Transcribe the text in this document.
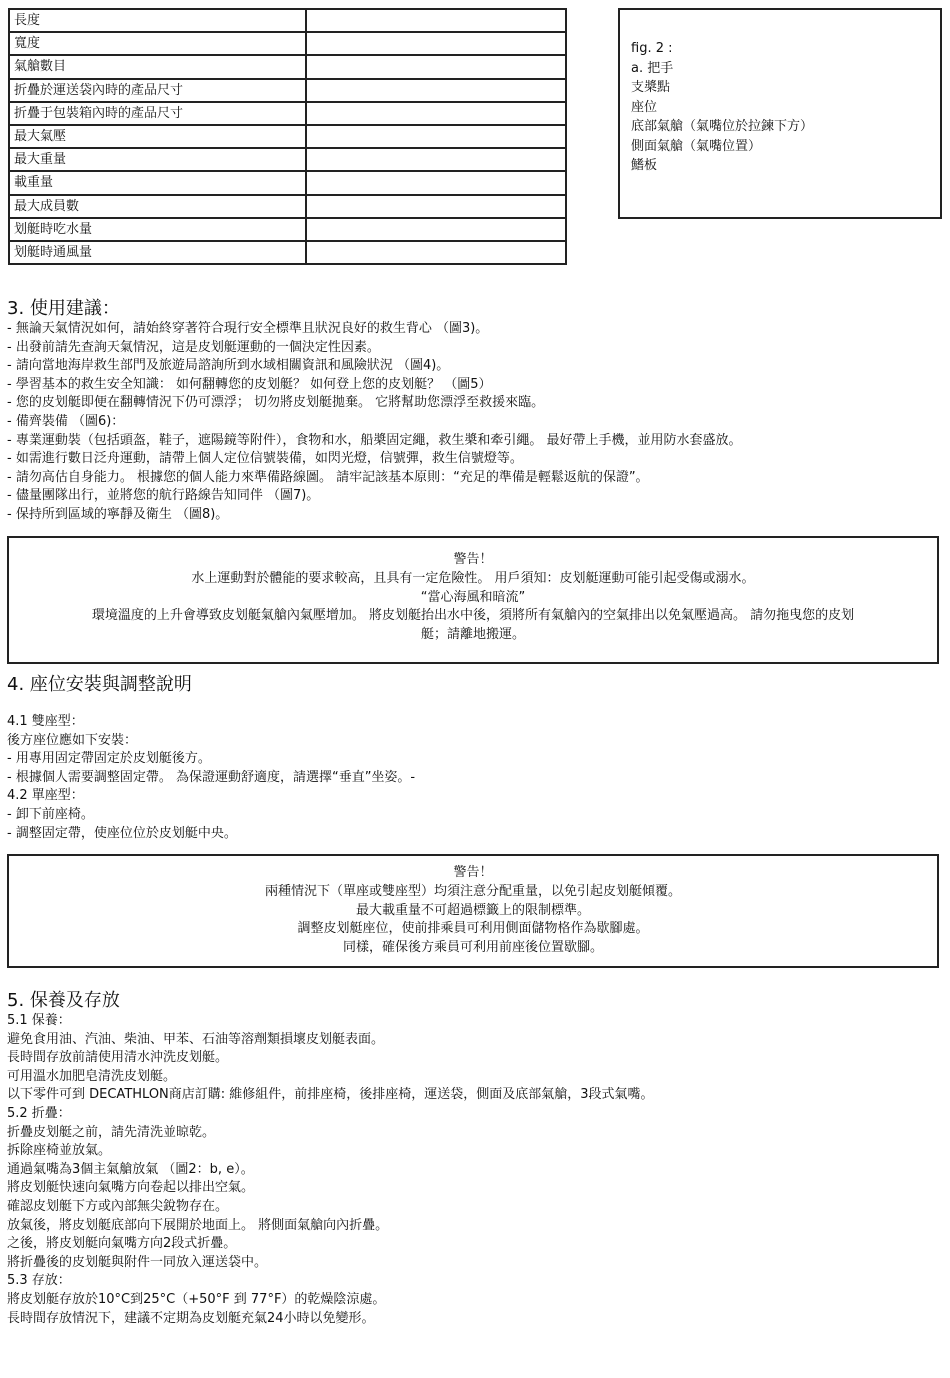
長度	
寬度	
氣艙數目	
折疊於運送袋內時的產品尺寸	
折疊于包裝箱內時的產品尺寸	
最大氣壓	
最大重量	
載重量	
最大成員數	
划艇時吃水量	
划艇時通風量	
fig. 2 :
a. 把手
支槳點
座位
底部氣艙（氣嘴位於拉鍊下方）
側面氣艙（氣嘴位置）
鰭板
3. 使用建議：
- 無論天氣情況如何，請始終穿著符合現行安全標準且狀況良好的救生背心 （圖3)。
- 出發前請先查詢天氣情況，這是皮划艇運動的一個決定性因素。
- 請向當地海岸救生部門及旅遊局諮詢所到水域相關資訊和風險狀況 （圖4)。
- 學習基本的救生安全知識： 如何翻轉您的皮划艇？ 如何登上您的皮划艇？ （圖5）
- 您的皮划艇即便在翻轉情況下仍可漂浮； 切勿將皮划艇拋棄。 它將幫助您漂浮至救援來臨。
- 備齊裝備 （圖6)：
- 專業運動裝（包括頭盔，鞋子，遮陽鏡等附件），食物和水，船槳固定繩，救生槳和牽引繩。 最好帶上手機，並用防水套盛放。
- 如需進行數日泛舟運動，請帶上個人定位信號裝備，如閃光燈，信號彈，救生信號燈等。
- 請勿高估自身能力。 根據您的個人能力來準備路線圖。 請牢記該基本原則：“充足的準備是輕鬆返航的保證”。
- 儘量團隊出行，並將您的航行路線告知同伴 （圖7)。
- 保持所到區域的寧靜及衛生 （圖8)。
警告！
水上運動對於體能的要求較高，且具有一定危險性。 用戶須知：皮划艇運動可能引起受傷或溺水。
“當心海風和暗流”
環境溫度的上升會導致皮划艇氣艙內氣壓增加。 將皮划艇抬出水中後，須將所有氣艙內的空氣排出以免氣壓過高。 請勿拖曳您的皮划
艇；請離地搬運。
4. 座位安裝與調整說明
4.1 雙座型：
後方座位應如下安裝：
- 用專用固定帶固定於皮划艇後方。
- 根據個人需要調整固定帶。 為保證運動舒適度，請選擇“垂直”坐姿。-
4.2 單座型：
- 卸下前座椅。
- 調整固定帶，使座位位於皮划艇中央。
警告！
兩種情況下（單座或雙座型）均須注意分配重量，以免引起皮划艇傾覆。
最大載重量不可超過標籤上的限制標準。
調整皮划艇座位，使前排乘員可利用側面儲物格作為歇腳處。
同樣，確保後方乘員可利用前座後位置歇腳。
5. 保養及存放
5.1 保養：
避免食用油、汽油、柴油、甲苯、石油等溶劑類損壞皮划艇表面。
長時間存放前請使用清水沖洗皮划艇。
可用溫水加肥皂清洗皮划艇。
以下零件可到 DECATHLON商店訂購: 維修組件，前排座椅，後排座椅，運送袋，側面及底部氣艙，3段式氣嘴。
5.2 折疊：
折疊皮划艇之前，請先清洗並晾乾。
拆除座椅並放氣。
通過氣嘴為3個主氣艙放氣 （圖2：b, e）。
將皮划艇快速向氣嘴方向卷起以排出空氣。
確認皮划艇下方或內部無尖銳物存在。
放氣後，將皮划艇底部向下展開於地面上。 將側面氣艙向內折疊。
之後，將皮划艇向氣嘴方向2段式折疊。
將折疊後的皮划艇與附件一同放入運送袋中。
5.3 存放：
將皮划艇存放於10°C到25°C（+50°F 到 77°F）的乾燥陰涼處。
長時間存放情況下，建議不定期為皮划艇充氣24小時以免變形。
